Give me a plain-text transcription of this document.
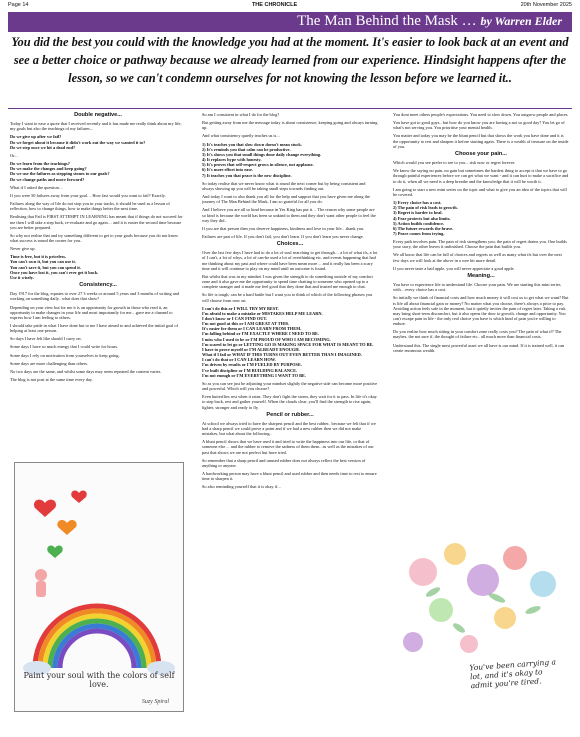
Page 14	THE CHRONICLE	20th November 2025
The Man Behind the Mask … by Warren Elder
You did the best you could with the knowledge you had at the moment. It's easier to look back at an event and see a better choice or pathway because we already learned from our experience. Hindsight happens after the lesson, so we can't condemn ourselves for not knowing the lesson before we learned it..
Double negative...

Today I want to ease a quote that I received recently and it has made me really think about my life, my goals but also the teachings of my failures...

Do we give up after we fail?

Do we forget about it because it didn't work out the way we wanted it to?

Do we step once we hit a dead end?

Or...

Do we learn from the teachings?

Do we make the changes and keep going?

Do we use the failures as stepping stones to our goals?

Do we change paths and move forward?

What if I asked the question…

If you were 50 failures away from your goal… How fast would you want to fail? Exactly.

Failures along the way of life do not stop you in your tracks, it should be used as a lesson of reflection, how to change things, how to make things better the next time.

Realising that Fail is FIRST ATTEMPT IN LEARNING has meant that if things do not succeed for me then I will take a step back, re-evaluate and go again… and it is easier the second time because you are better prepared.

So why not realise that and try something different to get to your goals because you do not know what success is round the corner for you..

Never give up.

Time is free, but it is priceless.

You can't own it, but you can use it.

You can't save it, but you can spend it.

Once you have lost it, you can't ever get it back.

Use it wisely.

Consistency...

Day 1917 for the blog, equates to over 27 3 weeks or around 5 years and 3 months of writing and working on something daily.. what does that show?

Depending on your view but for me it is an opportunity for growth in those who read it, an opportunity to make changes in your life and most importantly for me…gave me a channel to express how I am feeling to others.

I should take pride in what I have done but to me I have aimed to and achieved the initial goal of helping at least one person.

So days I have felt like should I carry on.

Some days I have so much energy that I could write for hours.

Some days I rely on motivation from yourselves to keep going.

Some days are more challenging than others.

No two days are the same, and whilst some days may seem repeated the content varies.

The blog is not post at the same time every day.

Paint your soul with the colors of self love.
Suzy Spiral

So am I consistent in what I do for the blog?

But getting away from me the message today is about consistence, keeping going and always turning up.

And what consistency quietly teaches us is…

1) It's teaches you that slow down doesn't mean stuck.

2) It's reminds you that calm can be productive.

3) It's shows you that small things done daily change everything.

4) It replaces hype with honesty.

5) It's proves that self-respect grows in silence, not applause.

6) It's more effort into ease.

7) It teaches you that peace is the new discipline.

So today realise that we never know what is round the next corner but by being consistent and always showing up you will be taking small steps towards finding out.

And today I want to also thank you all for the help and support that you have given me along the journey of The Man Behind the Mask, I am so grateful for all you do.

And I believe you are all so kind because in Yes King has put it… The reason why some people are so kind is because the world has been so unkind to them and they don't want other people to feel the way they did..

If you are that person then you deserve happiness, kindness and love in your life…thank you.

Failures are part of life. If you don't fail, you don't learn. If you don't learn you never change.

Choices...

Over the last few days I have had to do a lot of soul searching to get through… a lot of what ifs, a lot of I can't, a lot of whys, a lot of can-be used a lot of overthinking etc. and events happening that had me thinking about my past and where could have been mean more… and it really has been a scary time and it will continue to play on my mind until an outcome is found.

But whilst that was in my mindset I was given the strength to do something outside of my comfort zone and it also gave me the opportunity to spend time chatting to someone who opened up to a complete stranger and it made me feel good that they done that and trusted me enough to chat.

So life is tough, can be a hard battle but I want you to think of which of the following phrases you will choose from now on.

I can't do this or I WILL TRY MY BEST.

I'm afraid to make a mistake or MISTAKES HELP ME LEARN.

I don't know or I CAN FIND OUT.

I'm not good at this or I AM GREAT AT THIS.

It's easier for them or I CAN LEARN FROM THEM.

I'm falling behind or I'M EXACTLY WHERE I NEED TO BE.

I miss who I used to be or I'M PROUD OF WHO I AM BECOMING.

I'm scared to let go or LETTING GO IS MAKING SPACE FOR WHAT IS MEANT TO BE.

I have to prove myself or I'M ALREADY ENOUGH.

What if I fail or WHAT IF THIS TURNS OUT EVEN BETTER THAN I IMAGINED.

I can't do that or I CAN LEARN HOW.

I'm driven by results or I'M FUELED BY PURPOSE.

I've built discipline or I'M BUILDING BALANCE.

I'm not enough or I'M EVERYTHING I WANT TO BE.

So as you can see just be adjusting your mindset slightly the negative side can become more positive and powerful. Which will you choose?

Even butterflies rest when it rains. They don't fight the storm, they wait for it to pass. In life it's okay to step back, rest and gather yourself. When the clouds clear, you'll find the strength to rise again, lighter, stronger and ready to fly.

Pencil or rubber...

At school we always tried to have the sharpest pencil and the best rubber.. because we felt that if we had a sharp pencil we could prove a point and if we had a new rubber then we did not make mistakes, but what about the following..

A blunt pencil shows that we have used it and tried to write the happiness into our life, or that of someone else… and the rubber to remove the sadness of them them.. as well as the mistakes of our past that shows we are not perfect but have tried.

So remember that a sharp pencil and unused rubber does not always reflect the best version of anything or anyone.

A hardworking person may have a blunt pencil and used rubber and then needs time to rest to ensure time to sharpen it.

So also reminding yourself that it is okay if…

You dont meet others people's expectations. You need to slow down. You outgrow people and places.

You have got to good guys.. but how do you know you are having a not so good day? You let go of what's not serving you. You prioritise your mental health.

You matter and today you may be the blunt pencil but that shows the work you have done and it is the opportunity to rest and sharpen it before starting again. There is a wealth of treasure on the inside of you.

Choose your pain...

Which would you see prefer to see to you…risk now or regret forever.

We know the saying no pain, no gain but sometimes the hardest thing to accept is that we have to go through painful experiences before we can get what we want - and it can hurt to make a sacrifice and to do it, when all we need is a deep breathe and the knowledge that it will be worth it.

I am going to start a new mini series on the topic and what to give you an idea of the topics that will be covered.

1) Every choice has a cost.

2) The pain of risk leads to growth.

3) Regret is harder to heal.

4) Fear protects but also limits.

5) Action builds confidence.

6) The future rewards the brave.

7) Peace comes from trying.

Every path involves pain. The pain of risk strengthens you; the pain of regret drains you. One builds your story, the other leaves it unfinished. Choose the pain that builds you.

We all know that life can be full of choices and regrets as well as many what ifs but over the next few days we will look at the above in a wee bit more detail.

If you never taste a bad apple, you will never appreciate a good apple.

Meaning...

You have to experience life to understand life. Choose your pain. We are starting this mini series with…every choice has a cost.

So initially we think of financial costs and how much money it will cost us to get what we want? But is life all about financial gain or money? No matter what you choose, there's always a price to pay. Avoiding action feels safe in the moment, but it quietly invites the pain of regret later. Taking a risk may bring short-term discomfort, but it also opens the door to growth, change and opportunity. You can't escape pain in life - the only real choice you have is which kind of pain you're willing to endure.

Do you realise how much sitting in your comfort zone really costs you? The pain of what if? The maybes, the not sure if, the thought of failure etc.. all much more than financial costs.

Understand this. The single most powerful asset we all have is our mind. If it is trained well, it can create enormous wealth.

You've been carrying a lot, and it's okay to admit you're tired.
